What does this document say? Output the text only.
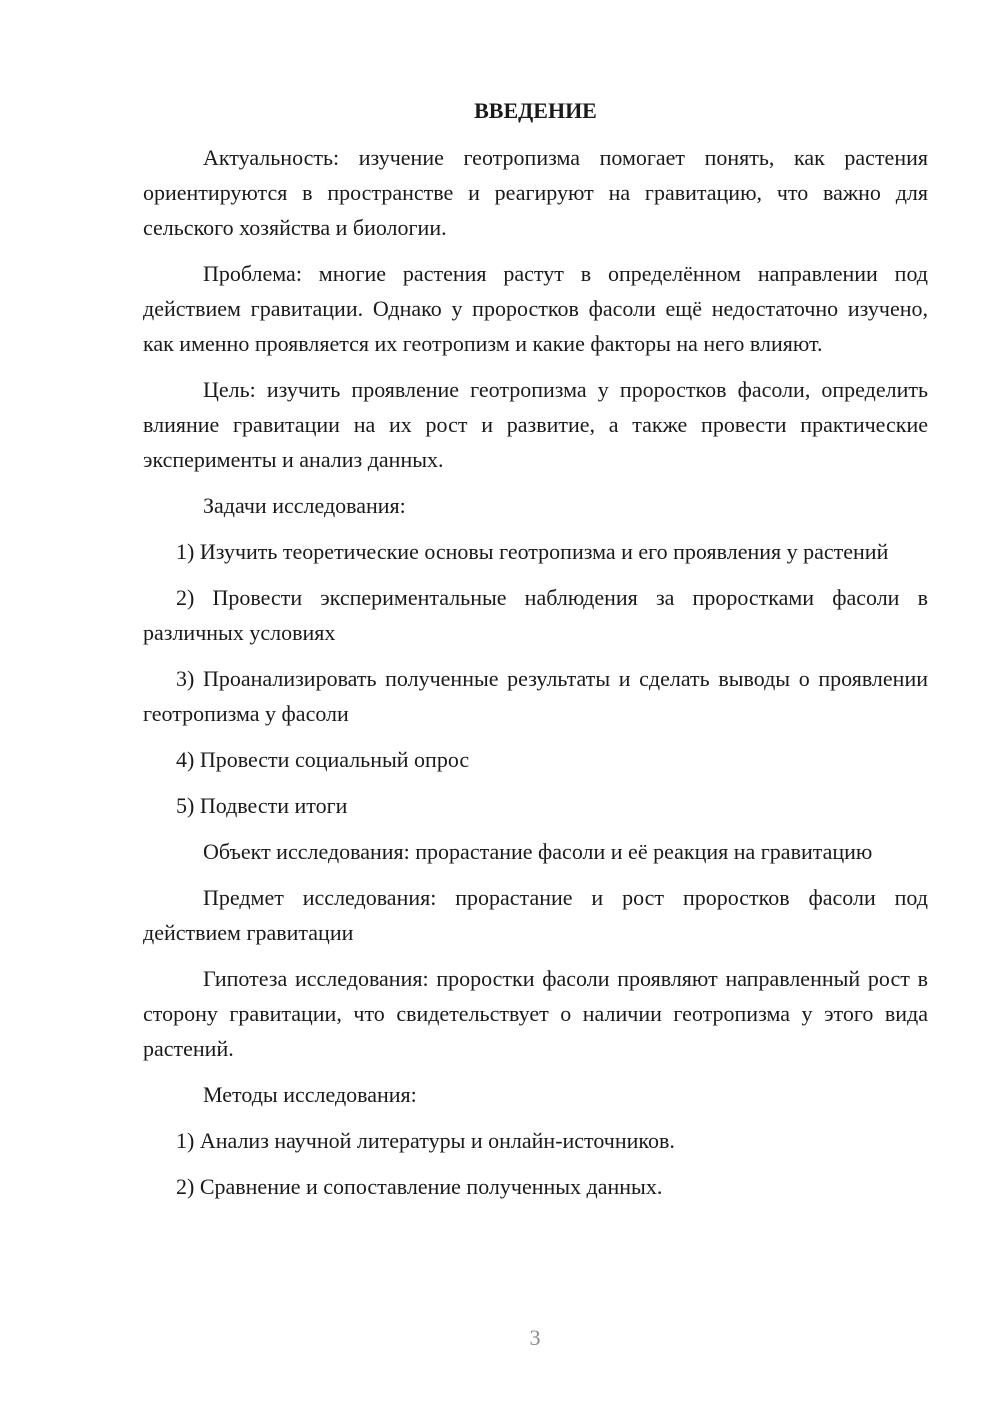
ВВЕДЕНИЕ

Актуальность: изучение геотропизма помогает понять, как растения ориентируются в пространстве и реагируют на гравитацию, что важно для сельского хозяйства и биологии.

Проблема: многие растения растут в определённом направлении под действием гравитации. Однако у проростков фасоли ещё недостаточно изучено, как именно проявляется их геотропизм и какие факторы на него влияют.

Цель: изучить проявление геотропизма у проростков фасоли, определить влияние гравитации на их рост и развитие, а также провести практические эксперименты и анализ данных.

Задачи исследования:

1) Изучить теоретические основы геотропизма и его проявления у растений

2) Провести экспериментальные наблюдения за проростками фасоли в различных условиях

3) Проанализировать полученные результаты и сделать выводы о проявлении геотропизма у фасоли

4) Провести социальный опрос

5) Подвести итоги

Объект исследования: прорастание фасоли и её реакция на гравитацию

Предмет исследования: прорастание и рост проростков фасоли под действием гравитации

Гипотеза исследования: проростки фасоли проявляют направленный рост в сторону гравитации, что свидетельствует о наличии геотропизма у этого вида растений.

Методы исследования:

1) Анализ научной литературы и онлайн-источников.

2) Сравнение и сопоставление полученных данных.

3
